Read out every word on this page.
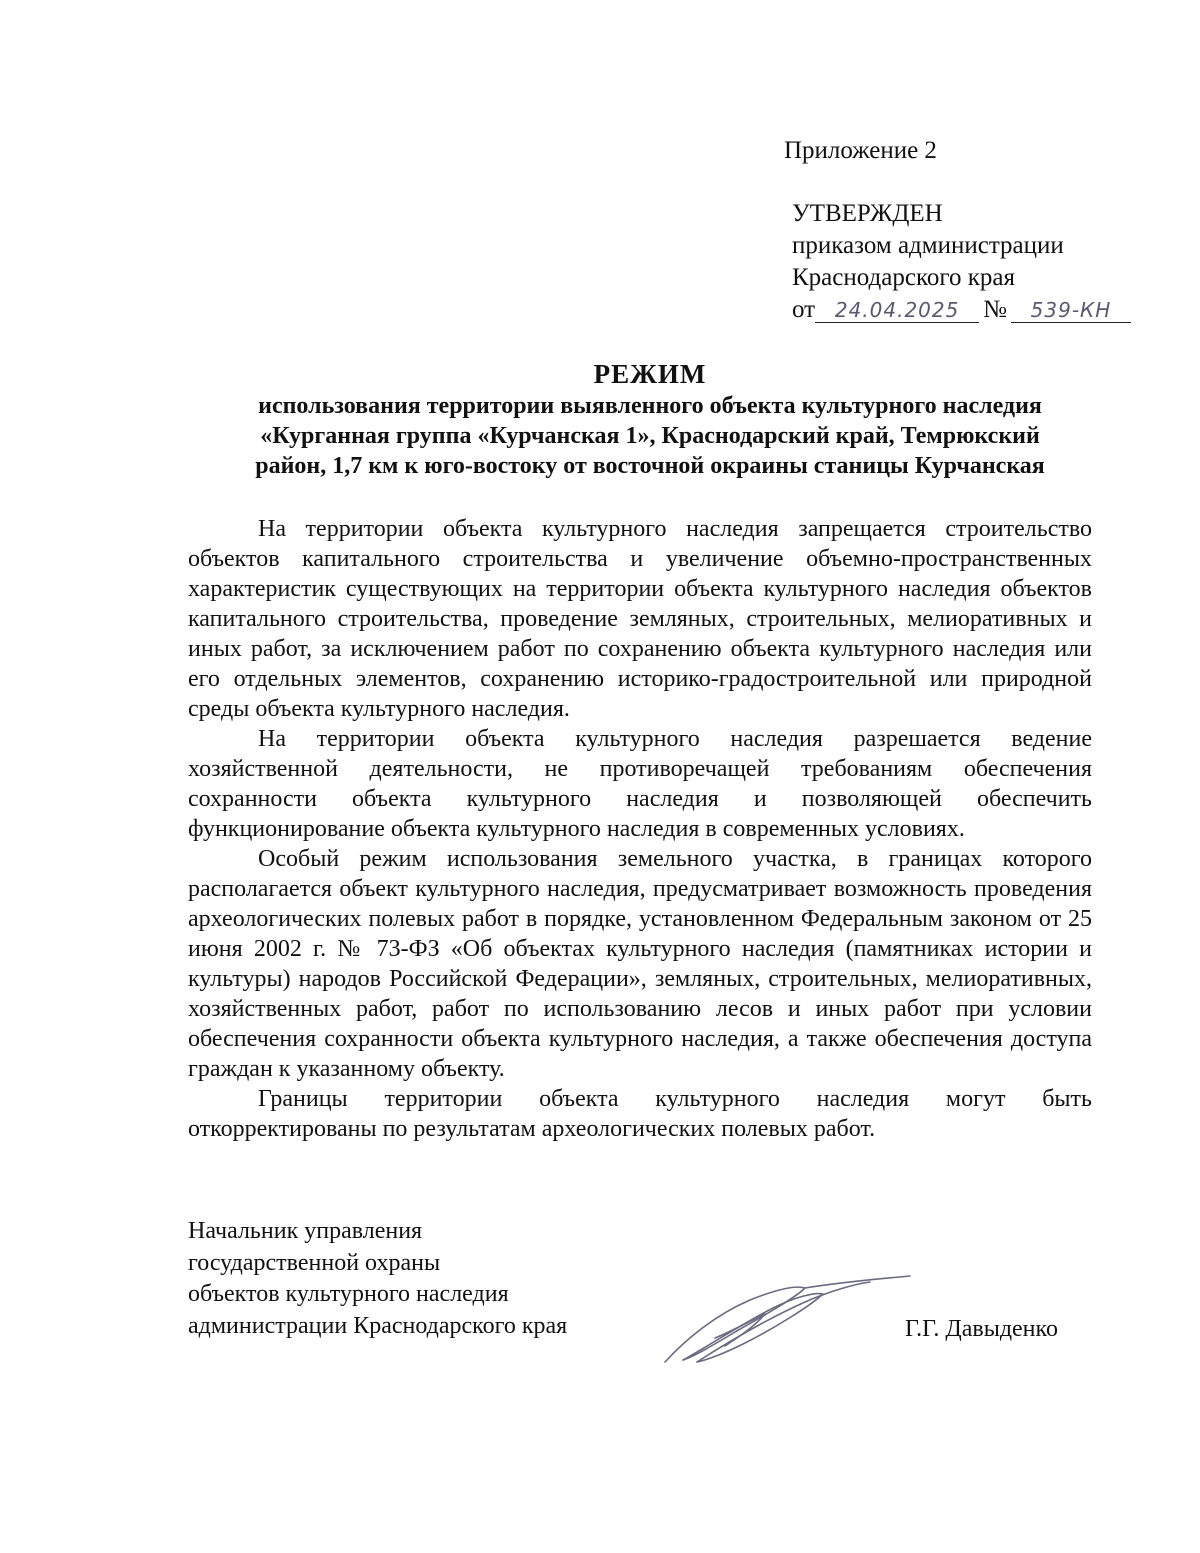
Приложение 2
УТВЕРЖДЕН
приказом администрации
Краснодарского края
от 24.04.2025 №	539-КН
РЕЖИМ
использования территории выявленного объекта культурного наследия
«Курганная группа «Курчанская 1», Краснодарский край, Темрюкский
район, 1,7 км к юго-востоку от восточной окраины станицы Курчанская

На территории объекта культурного наследия запрещается строительство объектов капитального строительства и увеличение объемно-пространственных характеристик существующих на территории объекта культурного наследия объектов капитального строительства, проведение земляных, строительных, мелиоративных и иных работ, за исключением работ по сохранению объекта культурного наследия или его отдельных элементов, сохранению историко-градостроительной или природной среды объекта культурного наследия.

На территории объекта культурного наследия разрешается ведение хозяйственной деятельности, не противоречащей требованиям обеспечения сохранности объекта культурного наследия и позволяющей обеспечить функционирование объекта культурного наследия в современных условиях.

Особый режим использования земельного участка, в границах которого располагается объект культурного наследия, предусматривает возможность проведения археологических полевых работ в порядке, установленном Федеральным законом от 25 июня 2002 г. № 73-ФЗ «Об объектах культурного наследия (памятниках истории и культуры) народов Российской Федерации», земляных, строительных, мелиоративных, хозяйственных работ, работ по использованию лесов и иных работ при условии обеспечения сохранности объекта культурного наследия, а также обеспечения доступа граждан к указанному объекту.

Границы территории объекта культурного наследия могут быть откорректированы по результатам археологических полевых работ.

Начальник управления
государственной охраны
объектов культурного наследия
администрации Краснодарского края	Г.Г. Давыденко
